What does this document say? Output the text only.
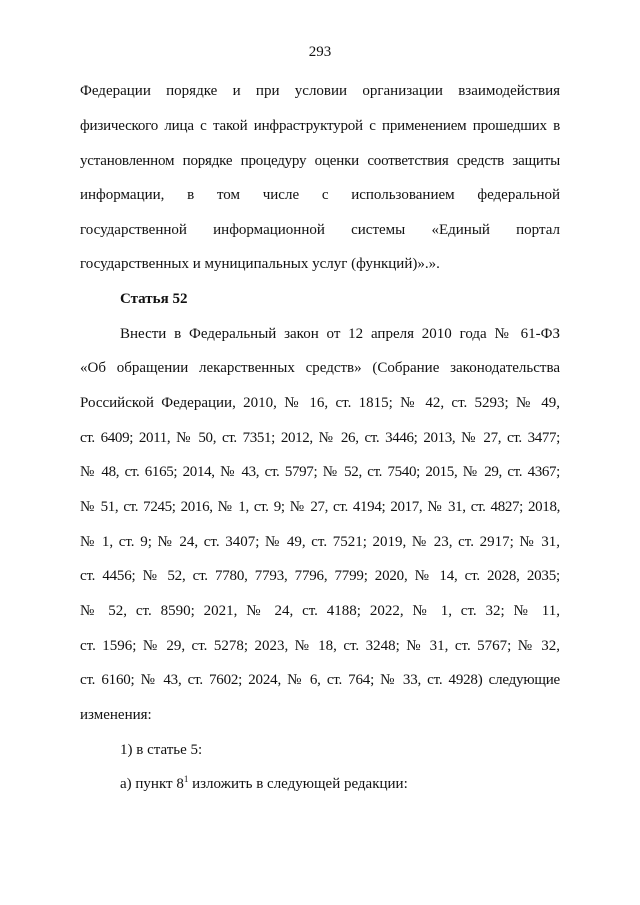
293
Федерации порядке и при условии организации взаимодействия
физического лица с такой инфраструктурой с применением прошедших в
установленном порядке процедуру оценки соответствия средств защиты
информации, в том числе с использованием федеральной
государственной информационной системы «Единый портал
государственных и муниципальных услуг (функций)».».
Статья 52
Внести в Федеральный закон от 12 апреля 2010 года № 61-ФЗ
«Об обращении лекарственных средств» (Собрание законодательства
Российской Федерации, 2010, № 16, ст. 1815; № 42, ст. 5293; № 49,
ст. 6409; 2011, № 50, ст. 7351; 2012, № 26, ст. 3446; 2013, № 27, ст. 3477;
№ 48, ст. 6165; 2014, № 43, ст. 5797; № 52, ст. 7540; 2015, № 29, ст. 4367;
№ 51, ст. 7245; 2016, № 1, ст. 9; № 27, ст. 4194; 2017, № 31, ст. 4827; 2018,
№ 1, ст. 9; № 24, ст. 3407; № 49, ст. 7521; 2019, № 23, ст. 2917; № 31,
ст. 4456; № 52, ст. 7780, 7793, 7796, 7799; 2020, № 14, ст. 2028, 2035;
№ 52, ст. 8590; 2021, № 24, ст. 4188; 2022, № 1, ст. 32; № 11,
ст. 1596; № 29, ст. 5278; 2023, № 18, ст. 3248; № 31, ст. 5767; № 32,
ст. 6160; № 43, ст. 7602; 2024, № 6, ст. 764; № 33, ст. 4928) следующие
изменения:
1) в статье 5:
а) пункт $8^1$ изложить в следующей редакции:
